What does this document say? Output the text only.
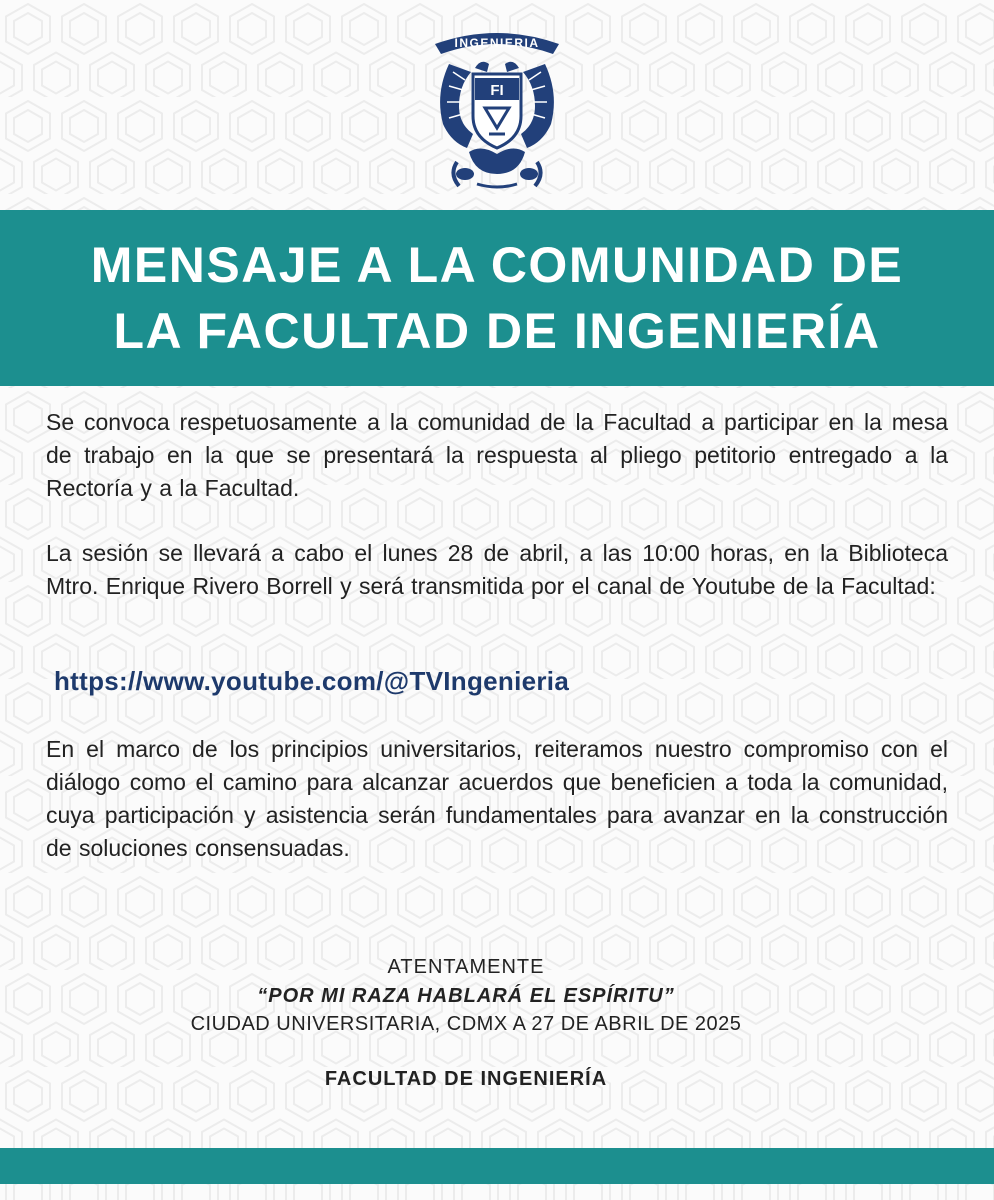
INGENIERIA
FI
MENSAJE A LA COMUNIDAD DE
LA FACULTAD DE INGENIERÍA

Se convoca respetuosamente a la comunidad de la Facultad a participar en la mesa de trabajo en la que se presentará la respuesta al pliego petitorio entregado a la Rectoría y a la Facultad.

La sesión se llevará a cabo el lunes 28 de abril, a las 10:00 horas, en la Biblioteca Mtro. Enrique Rivero Borrell y será transmitida por el canal de Youtube de la Facultad:

https://www.youtube.com/@TVIngenieria

En el marco de los principios universitarios, reiteramos nuestro compromiso con el diálogo como el camino para alcanzar acuerdos que beneficien a toda la comunidad, cuya participación y asistencia serán fundamentales para avanzar en la construcción de soluciones consensuadas.

ATENTAMENTE
“POR MI RAZA HABLARÁ EL ESPÍRITU”
CIUDAD UNIVERSITARIA, CDMX A 27 DE ABRIL DE 2025
FACULTAD DE INGENIERÍA
